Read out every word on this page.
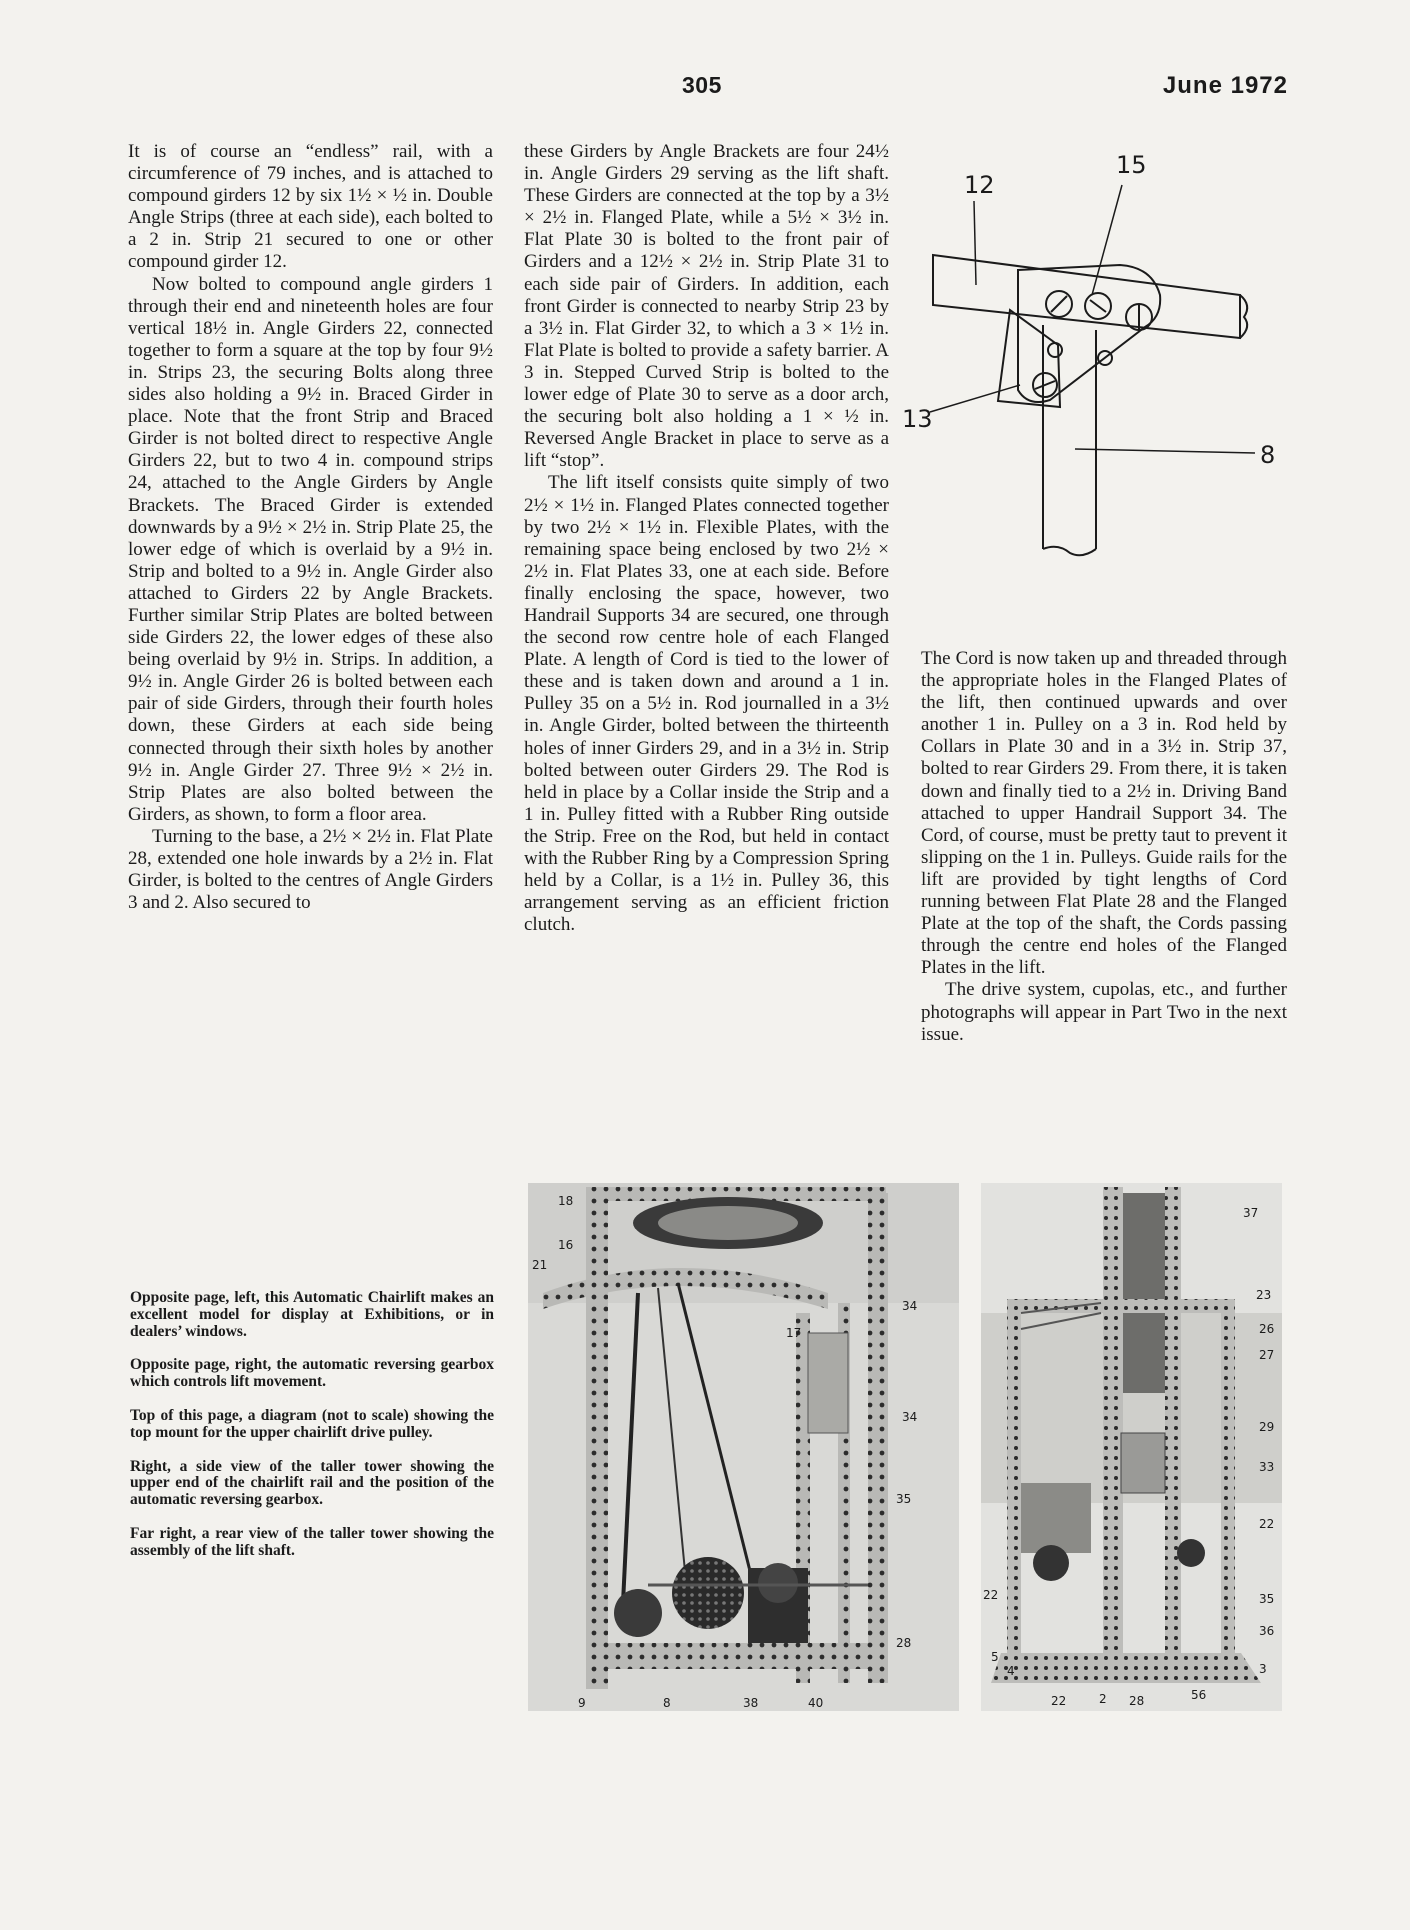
305	June 1972

It is of course an “endless” rail, with a circumference of 79 inches, and is attached to compound girders 12 by six 1½ × ½ in. Double Angle Strips (three at each side), each bolted to a 2 in. Strip 21 secured to one or other compound girder 12.

Now bolted to compound angle girders 1 through their end and nineteenth holes are four vertical 18½ in. Angle Girders 22, connected together to form a square at the top by four 9½ in. Strips 23, the securing Bolts along three sides also holding a 9½ in. Braced Girder in place. Note that the front Strip and Braced Girder is not bolted direct to respective Angle Girders 22, but to two 4 in. compound strips 24, attached to the Angle Girders by Angle Brackets. The Braced Girder is extended downwards by a 9½ × 2½ in. Strip Plate 25, the lower edge of which is overlaid by a 9½ in. Strip and bolted to a 9½ in. Angle Girder also attached to Girders 22 by Angle Brackets. Further similar Strip Plates are bolted between side Girders 22, the lower edges of these also being overlaid by 9½ in. Strips. In addition, a 9½ in. Angle Girder 26 is bolted between each pair of side Girders, through their fourth holes down, these Girders at each side being connected through their sixth holes by another 9½ in. Angle Girder 27. Three 9½ × 2½ in. Strip Plates are also bolted between the Girders, as shown, to form a floor area.

Turning to the base, a 2½ × 2½ in. Flat Plate 28, extended one hole inwards by a 2½ in. Flat Girder, is bolted to the centres of Angle Girders 3 and 2. Also secured to

these Girders by Angle Brackets are four 24½ in. Angle Girders 29 serving as the lift shaft. These Girders are connected at the top by a 3½ × 2½ in. Flanged Plate, while a 5½ × 3½ in. Flat Plate 30 is bolted to the front pair of Girders and a 12½ × 2½ in. Strip Plate 31 to each side pair of Girders. In addition, each front Girder is connected to nearby Strip 23 by a 3½ in. Flat Girder 32, to which a 3 × 1½ in. Flat Plate is bolted to provide a safety barrier. A 3 in. Stepped Curved Strip is bolted to the lower edge of Plate 30 to serve as a door arch, the securing bolt also holding a 1 × ½ in. Reversed Angle Bracket in place to serve as a lift “stop”.

The lift itself consists quite simply of two 2½ × 1½ in. Flanged Plates connected together by two 2½ × 1½ in. Flexible Plates, with the remaining space being enclosed by two 2½ × 2½ in. Flat Plates 33, one at each side. Before finally enclosing the space, however, two Handrail Supports 34 are secured, one through the second row centre hole of each Flanged Plate. A length of Cord is tied to the lower of these and is taken down and around a 1 in. Pulley 35 on a 5½ in. Rod journalled in a 3½ in. Angle Girder, bolted between the thirteenth holes of inner Girders 29, and in a 3½ in. Strip bolted between outer Girders 29. The Rod is held in place by a Collar inside the Strip and a 1 in. Pulley fitted with a Rubber Ring outside the Strip. Free on the Rod, but held in contact with the Rubber Ring by a Compression Spring held by a Collar, is a 1½ in. Pulley 36, this arrangement serving as an efficient friction clutch.

The Cord is now taken up and threaded through the appropriate holes in the Flanged Plates of the lift, then continued upwards and over another 1 in. Pulley on a 3 in. Rod held by Collars in Plate 30 and in a 3½ in. Strip 37, bolted to rear Girders 29. From there, it is taken down and finally tied to a 2½ in. Driving Band attached to upper Handrail Support 34. The Cord, of course, must be pretty taut to prevent it slipping on the 1 in. Pulleys. Guide rails for the lift are provided by tight lengths of Cord running between Flat Plate 28 and the Flanged Plate at the top of the shaft, the Cords passing through the centre end holes of the Flanged Plates in the lift.

The drive system, cupolas, etc., and further photographs will appear in Part Two in the next issue.

12
15
13
8

Opposite page, left, this Automatic Chairlift makes an excellent model for display at Exhibitions, or in dealers’ windows.

Opposite page, right, the automatic reversing gearbox which controls lift movement.

Top of this page, a diagram (not to scale) showing the top mount for the upper chairlift drive pulley.

Right, a side view of the taller tower showing the upper end of the chairlift rail and the position of the automatic reversing gearbox.

Far right, a rear view of the taller tower showing the assembly of the lift shaft.

18
16
21
17
34
34
35
28
9	8	38	40
37
23
26
27
29
33
22
35
36
3
22
5
4
22	2 28	56
